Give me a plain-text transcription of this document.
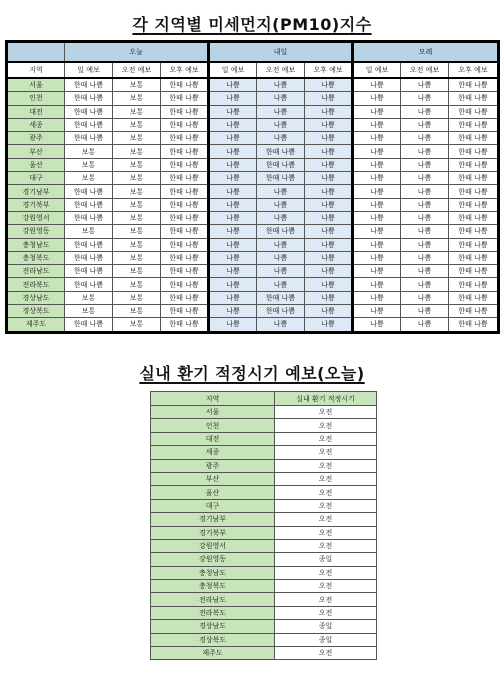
각 지역별 미세먼지(PM10)지수
	오늘			내일			모레		
지역	일 예보	오전 예보	오후 예보	일 예보	오전 예보	오후 예보	일 예보	오전 예보	오후 예보
서울	한때 나쁨	보통	한때 나쁨	나쁨	나쁨	나쁨	나쁨	나쁨	한때 나쁨
인천	한때 나쁨	보통	한때 나쁨	나쁨	나쁨	나쁨	나쁨	나쁨	한때 나쁨
대전	한때 나쁨	보통	한때 나쁨	나쁨	나쁨	나쁨	나쁨	나쁨	한때 나쁨
세종	한때 나쁨	보통	한때 나쁨	나쁨	나쁨	나쁨	나쁨	나쁨	한때 나쁨
광주	한때 나쁨	보통	한때 나쁨	나쁨	나쁨	나쁨	나쁨	나쁨	한때 나쁨
부산	보통	보통	한때 나쁨	나쁨	한때 나쁨	나쁨	나쁨	나쁨	한때 나쁨
울산	보통	보통	한때 나쁨	나쁨	한때 나쁨	나쁨	나쁨	나쁨	한때 나쁨
대구	보통	보통	한때 나쁨	나쁨	한때 나쁨	나쁨	나쁨	나쁨	한때 나쁨
경기남부	한때 나쁨	보통	한때 나쁨	나쁨	나쁨	나쁨	나쁨	나쁨	한때 나쁨
경기북부	한때 나쁨	보통	한때 나쁨	나쁨	나쁨	나쁨	나쁨	나쁨	한때 나쁨
강원영서	한때 나쁨	보통	한때 나쁨	나쁨	나쁨	나쁨	나쁨	나쁨	한때 나쁨
강원영동	보통	보통	한때 나쁨	나쁨	한때 나쁨	나쁨	나쁨	나쁨	한때 나쁨
충청남도	한때 나쁨	보통	한때 나쁨	나쁨	나쁨	나쁨	나쁨	나쁨	한때 나쁨
충청북도	한때 나쁨	보통	한때 나쁨	나쁨	나쁨	나쁨	나쁨	나쁨	한때 나쁨
전라남도	한때 나쁨	보통	한때 나쁨	나쁨	나쁨	나쁨	나쁨	나쁨	한때 나쁨
전라북도	한때 나쁨	보통	한때 나쁨	나쁨	나쁨	나쁨	나쁨	나쁨	한때 나쁨
경상남도	보통	보통	한때 나쁨	나쁨	한때 나쁨	나쁨	나쁨	나쁨	한때 나쁨
경상북도	보통	보통	한때 나쁨	나쁨	한때 나쁨	나쁨	나쁨	나쁨	한때 나쁨
제주도	한때 나쁨	보통	한때 나쁨	나쁨	나쁨	나쁨	나쁨	나쁨	한때 나쁨
실내 환기 적정시기 예보(오늘)
지역	실내 환기 적정시기
서울	오전
인천	오전
대전	오전
세종	오전
광주	오전
부산	오전
울산	오전
대구	오전
경기남부	오전
경기북부	오전
강원영서	오전
강원영동	종일
충청남도	오전
충청북도	오전
전라남도	오전
전라북도	오전
경상남도	종일
경상북도	종일
제주도	오전
